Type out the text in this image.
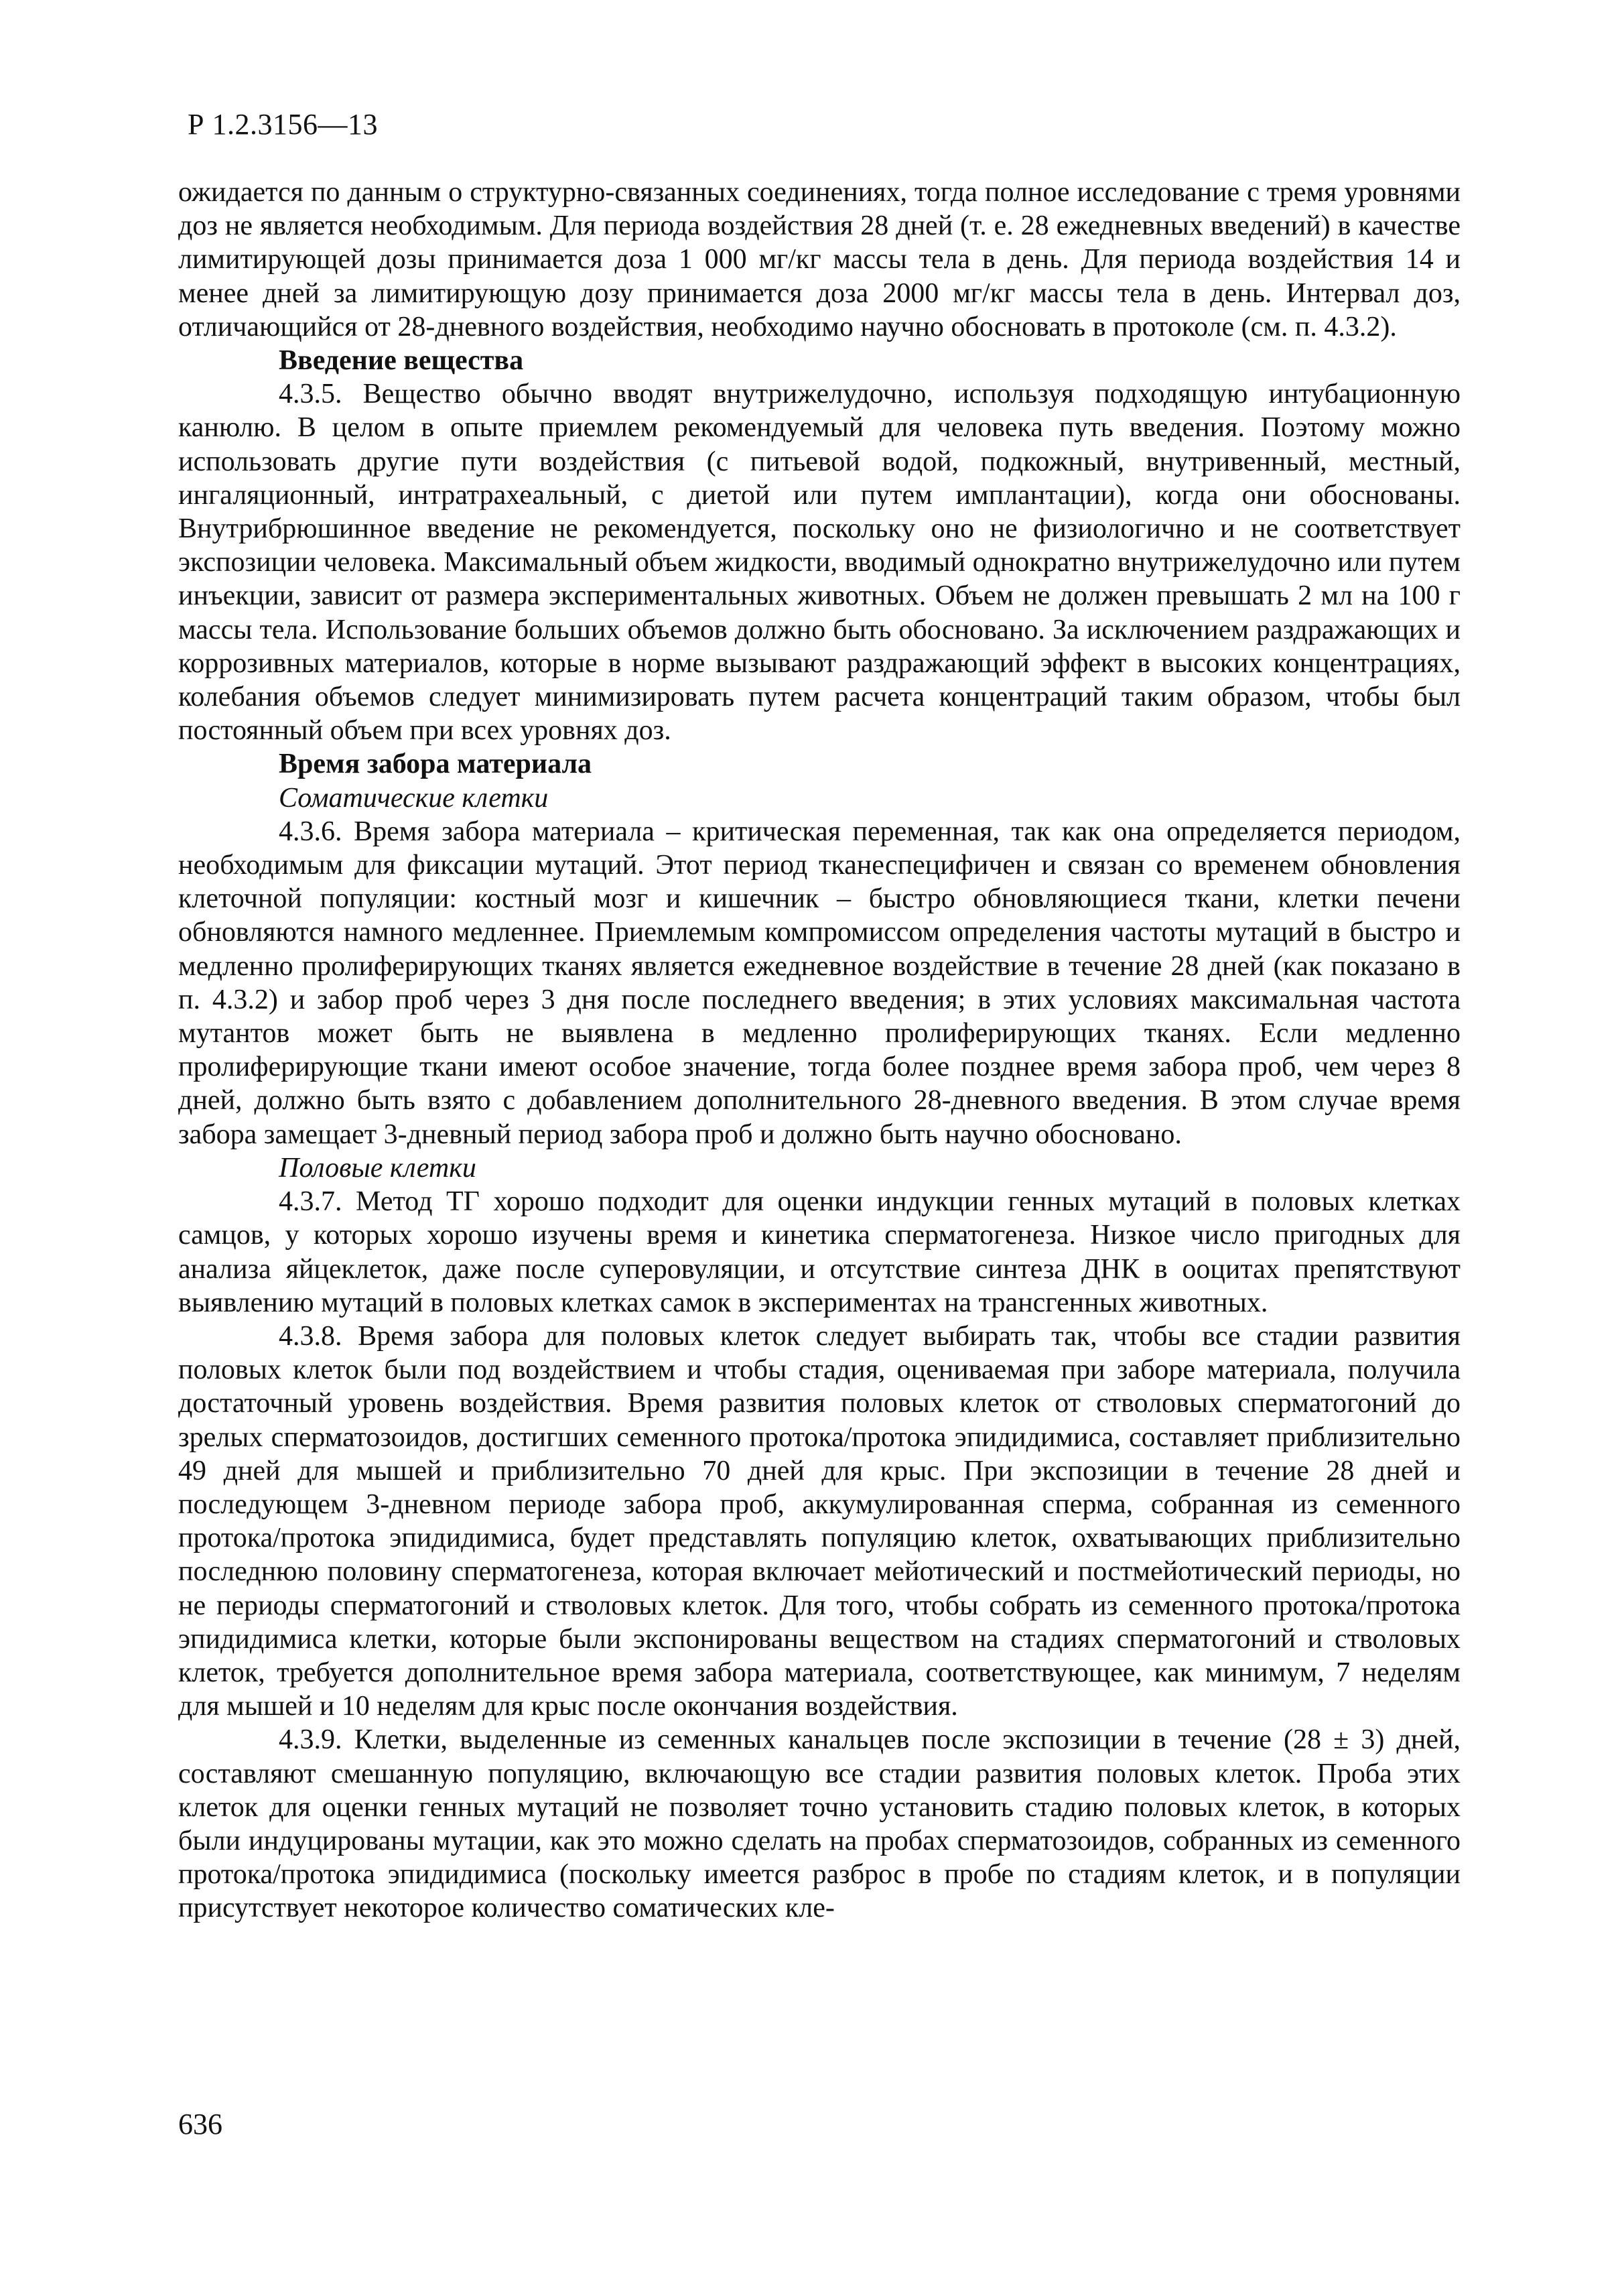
Р 1.2.3156—13

ожидается по данным о структурно-связанных соединениях, тогда полное исследование с тремя уровнями доз не является необходимым. Для периода воздействия 28 дней (т. е. 28 ежедневных введений) в качестве лимитирующей дозы принимается доза 1 000 мг/кг массы тела в день. Для периода воздействия 14 и менее дней за лимитирующую дозу принимается доза 2000 мг/кг массы тела в день. Интервал доз, отличающийся от 28-дневного воздействия, необходимо научно обосновать в протоколе (см. п. 4.3.2).

Введение вещества

4.3.5. Вещество обычно вводят внутрижелудочно, используя подходящую интубационную канюлю. В целом в опыте приемлем рекомендуемый для человека путь введения. Поэтому можно использовать другие пути воздействия (с питьевой водой, подкожный, внутривенный, местный, ингаляционный, интратрахеальный, с диетой или путем имплантации), когда они обоснованы. Внутрибрюшинное введение не рекомендуется, поскольку оно не физиологично и не соответствует экспозиции человека. Максимальный объем жидкости, вводимый однократно внутрижелудочно или путем инъекции, зависит от размера экспериментальных животных. Объем не должен превышать 2 мл на 100 г массы тела. Использование больших объемов должно быть обосновано. За исключением раздражающих и коррозивных материалов, которые в норме вызывают раздражающий эффект в высоких концентрациях, колебания объемов следует минимизировать путем расчета концентраций таким образом, чтобы был постоянный объем при всех уровнях доз.

Время забора материала

Соматические клетки

4.3.6. Время забора материала – критическая переменная, так как она определяется периодом, необходимым для фиксации мутаций. Этот период тканеспецифичен и связан со временем обновления клеточной популяции: костный мозг и кишечник – быстро обновляющиеся ткани, клетки печени обновляются намного медленнее. Приемлемым компромиссом определения частоты мутаций в быстро и медленно пролиферирующих тканях является ежедневное воздействие в течение 28 дней (как показано в п. 4.3.2) и забор проб через 3 дня после последнего введения; в этих условиях максимальная частота мутантов может быть не выявлена в медленно пролиферирующих тканях. Если медленно пролиферирующие ткани имеют особое значение, тогда более позднее время забора проб, чем через 8 дней, должно быть взято с добавлением дополнительного 28-дневного введения. В этом случае время забора замещает 3-дневный период забора проб и должно быть научно обосновано.

Половые клетки

4.3.7. Метод ТГ хорошо подходит для оценки индукции генных мутаций в половых клетках самцов, у которых хорошо изучены время и кинетика сперматогенеза. Низкое число пригодных для анализа яйцеклеток, даже после суперовуляции, и отсутствие синтеза ДНК в ооцитах препятствуют выявлению мутаций в половых клетках самок в экспериментах на трансгенных животных.

4.3.8. Время забора для половых клеток следует выбирать так, чтобы все стадии развития половых клеток были под воздействием и чтобы стадия, оцениваемая при заборе материала, получила достаточный уровень воздействия. Время развития половых клеток от стволовых сперматогоний до зрелых сперматозоидов, достигших семенного протока/протока эпидидимиса, составляет приблизительно 49 дней для мышей и приблизительно 70 дней для крыс. При экспозиции в течение 28 дней и последующем 3-дневном периоде забора проб, аккумулированная сперма, собранная из семенного протока/протока эпидидимиса, будет представлять популяцию клеток, охватывающих приблизительно последнюю половину сперматогенеза, которая включает мейотический и постмейотический периоды, но не периоды сперматогоний и стволовых клеток. Для того, чтобы собрать из семенного протока/протока эпидидимиса клетки, которые были экспонированы веществом на стадиях сперматогоний и стволовых клеток, требуется дополнительное время забора материала, соответствующее, как минимум, 7 неделям для мышей и 10 неделям для крыс после окончания воздействия.

4.3.9. Клетки, выделенные из семенных канальцев после экспозиции в течение (28 ± 3) дней, составляют смешанную популяцию, включающую все стадии развития половых клеток. Проба этих клеток для оценки генных мутаций не позволяет точно установить стадию половых клеток, в которых были индуцированы мутации, как это можно сделать на пробах сперматозоидов, собранных из семенного протока/протока эпидидимиса (поскольку имеется разброс в пробе по стадиям клеток, и в популяции присутствует некоторое количество соматических кле-

636
